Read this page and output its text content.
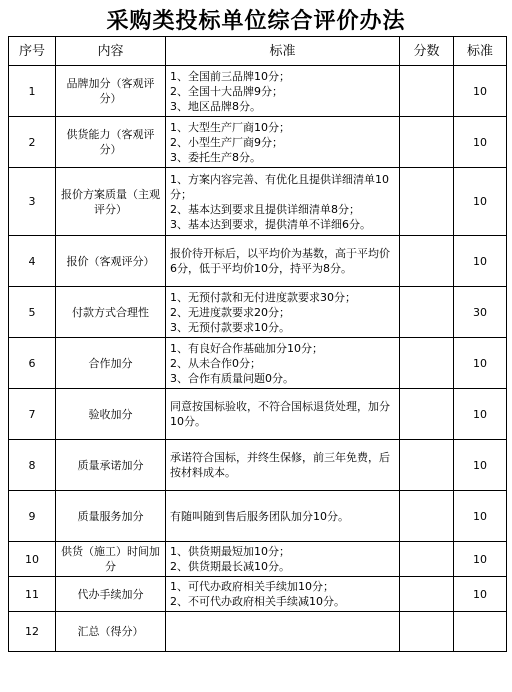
采购类投标单位综合评价办法
序号	内容	标准	分数	标准
1	品牌加分（客观评分）	1、全国前三品牌10分；
2、全国十大品牌9分；
3、地区品牌8分。		10
2	供货能力（客观评分）	1、大型生产厂商10分；
2、小型生产厂商9分；
3、委托生产8分。		10
3	报价方案质量（主观评分）	1、方案内容完善、有优化且提供详细清单10分；
2、基本达到要求且提供详细清单8分；
3、基本达到要求，提供清单不详细6分。		10
4	报价（客观评分）	报价待开标后，以平均价为基数，高于平均价6分，低于平均价10分，持平为8分。		10
5	付款方式合理性	1、无预付款和无付进度款要求30分；
2、无进度款要求20分；
3、无预付款要求10分。		30
6	合作加分	1、有良好合作基础加分10分；
2、从未合作0分；
3、合作有质量问题0分。		10
7	验收加分	同意按国标验收，不符合国标退货处理，加分10分。		10
8	质量承诺加分	承诺符合国标，并终生保修，前三年免费，后按材料成本。		10
9	质量服务加分	有随叫随到售后服务团队加分10分。		10
10	供货（施工）时间加分	1、供货期最短加10分；
2、供货期最长减10分。		10
11	代办手续加分	1、可代办政府相关手续加10分；
2、不可代办政府相关手续减10分。		10
12	汇总（得分）			
